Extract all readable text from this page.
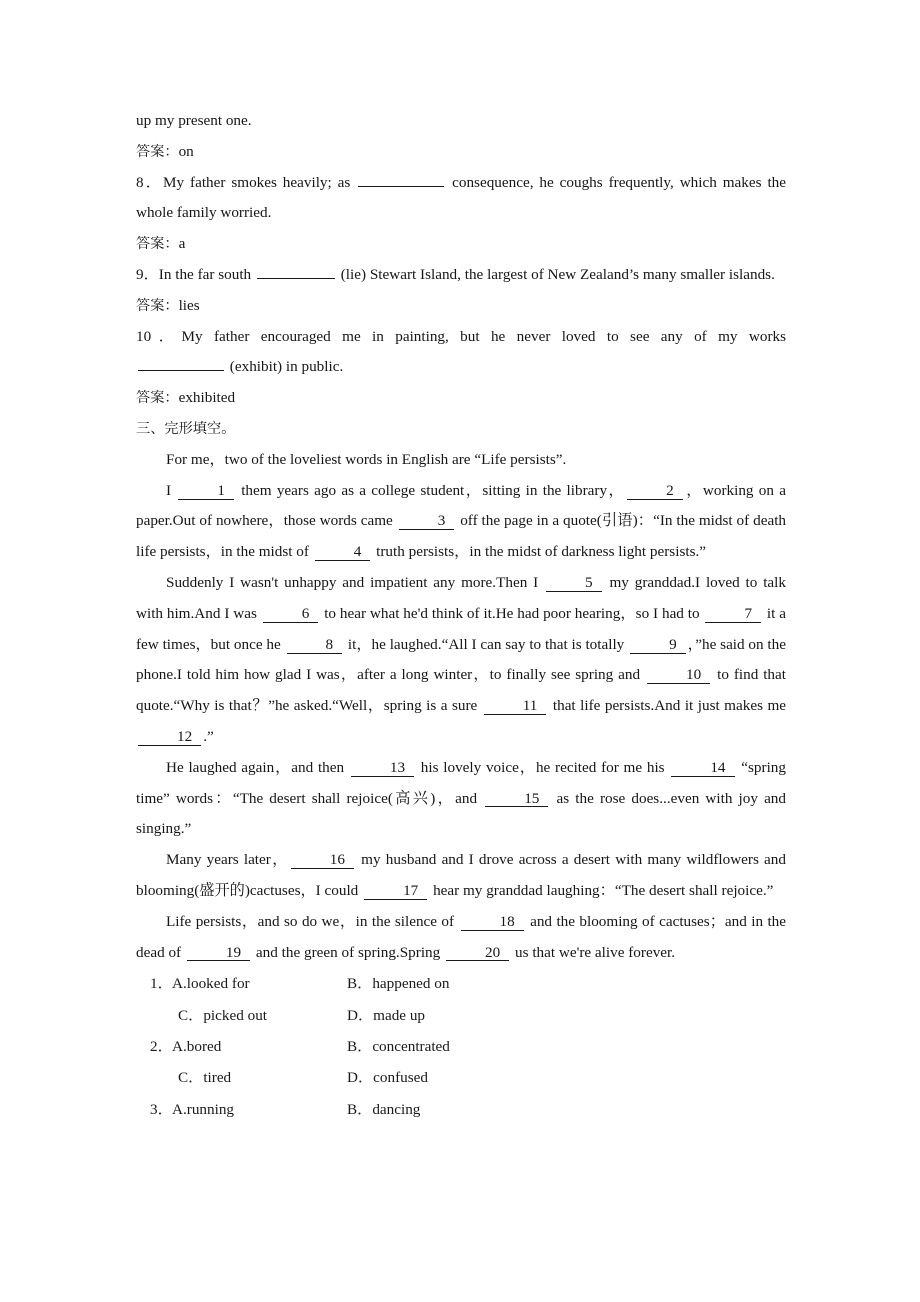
up my present one.
答案：on
8．My father smokes heavily; as	consequence, he coughs frequently, which makes the whole family worried.
答案：a
9．In the far south	(lie) Stewart Island, the largest of New Zealand’s many smaller islands.
答案：lies
10．My father encouraged me in painting, but he never loved to see any of my works
(exhibit) in public.
答案：exhibited
三、完形填空。
For me，two of the loveliest words in English are “Life persists”.
I	1 them years ago as a college student，sitting in the library，	2 ，working on a paper.Out of nowhere，those words came	3 off the page in a quote(引语)：“In the midst of death life persists，in the midst of	4 truth persists，in the midst of darkness light persists.”
Suddenly I wasn't unhappy and impatient any more.Then I	5 my granddad.I loved to talk with him.And I was	6 to hear what he'd think of it.He had poor hearing，so I had to	7 it a few times，but once he	8 it，he laughed.“All I can say to that is totally	9 ，”he said on the phone.I told him how glad I was，after a long winter，to finally see spring and	10 to find that quote.“Why is that？”he asked.“Well，spring is a sure	11 that life persists.And it just makes me 12 .”
He laughed again，and then	13 his lovely voice，he recited for me his	14 “spring time” words：“The desert shall rejoice(高兴)，and	15 as the rose does...even with joy and singing.”
Many years later，	16 my husband and I drove across a desert with many wildflowers and blooming(盛开的)cactuses，I could	17 hear my granddad laughing：“The desert shall rejoice.”
Life persists，and so do we，in the silence of	18 and the blooming of cactuses；and in the dead of	19 and the green of spring.Spring	20 us that we're alive forever.
1．A.looked for	B．happened on
C．picked out	D．made up
2．A.bored	B．concentrated
C．tired	D．confused
3．A.running	B．dancing
